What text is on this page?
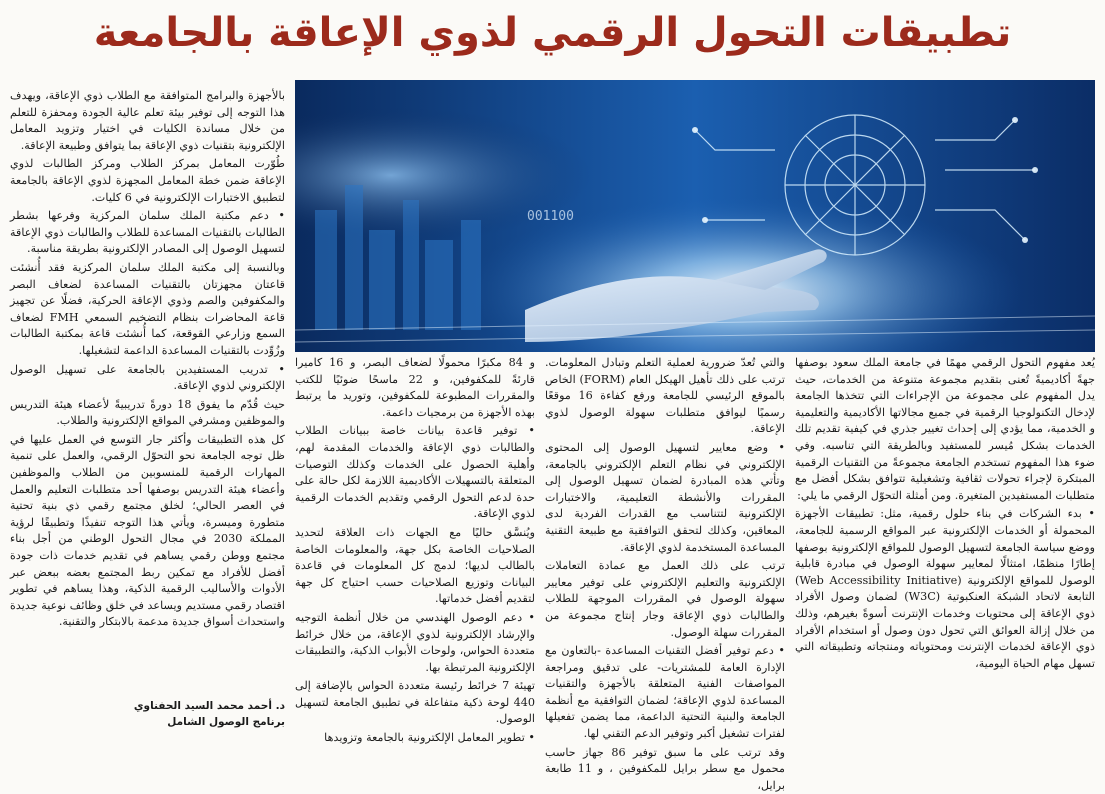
تطبيقات التحول الرقمي لذوي الإعاقة بالجامعة
001100

يُعد مفهوم التحول الرقمي مهمًا في جامعة الملك سعود بوصفها جهةً أكاديميةً تُعنى بتقديم مجموعة متنوعة من الخدمات، حيث يدل المفهوم على مجموعة من الإجراءات التي تتخذها الجامعة لإدخال التكنولوجيا الرقمية في جميع مجالاتها الأكاديمية والتعليمية و الخدمية، مما يؤدي إلى إحداث تغيير جذري في كيفية تقديم تلك الخدمات بشكل مُيسر للمستفيد وبالطريقة التي تناسبه. وفي ضوء هذا المفهوم تستخدم الجامعة مجموعةً من التقنيات الرقمية المبتكرة لإجراء تحولات ثقافية وتشغيلية تتوافق بشكل أفضل مع متطلبات المستفيدين المتغيرة. ومن أمثلة التحوّل الرقمي ما يلي:

• بدء الشركات في بناء حلول رقمية، مثل: تطبيقات الأجهزة المحمولة أو الخدمات الإلكترونية عبر المواقع الرسمية للجامعة، ووضع سياسة الجامعة لتسهيل الوصول للمواقع الإلكترونية بوصفها إطارًا منظمًا، امتثالًا لمعايير سهولة الوصول في مبادرة قابلية الوصول للمواقع الإلكترونية (Web Accessibility Initiative) التابعة لاتحاد الشبكة العنكبوتية (W3C) لضمان وصول الأفراد ذوي الإعاقة إلى محتويات وخدمات الإنترنت أسوةً بغيرهم، وذلك من خلال إزالة العوائق التي تحول دون وصول أو استخدام الأفراد ذوي الإعاقة لخدمات الإنترنت ومحتوياته ومنتجاته وتطبيقاته التي تسهل مهام الحياة اليومية،

والتي تُعدّ ضرورية لعملية التعلم وتبادل المعلومات. ترتب على ذلك تأهيل الهيكل العام (FORM) الخاص بالموقع الرئيسي للجامعة ورفع كفاءة 16 موقعًا رسميًا ليوافق متطلبات سهولة الوصول لذوي الإعاقة.

• وضع معايير لتسهيل الوصول إلى المحتوى الإلكتروني في نظام التعلم الإلكتروني بالجامعة، وتأتي هذه المبادرة لضمان تسهيل الوصول إلى المقررات والأنشطة التعليمية، والاختبارات الإلكترونية لتتناسب مع القدرات الفردية لدى المعاقين، وكذلك لتحقق التوافقية مع طبيعة التقنية المساعدة المستخدمة لذوي الإعاقة.

ترتب على ذلك العمل مع عمادة التعاملات الإلكترونية والتعليم الإلكتروني على توفير معايير سهولة الوصول في المقررات الموجهة للطلاب والطالبات ذوي الإعاقة وجار إنتاج مجموعة من المقررات سهلة الوصول.

• دعم توفير أفضل التقنيات المساعدة -بالتعاون مع الإدارة العامة للمشتريات- على تدقيق ومراجعة المواصفات الفنية المتعلقة بالأجهزة والتقنيات المساعدة لذوي الإعاقة؛ لضمان التوافقية مع أنظمة الجامعة والبنية التحتية الداعمة، مما يضمن تفعيلها لفترات تشغيل أكبر وتوفير الدعم التقني لها.

وقد ترتب على ما سبق توفير 86 جهاز حاسب محمول مع سطر برايل للمكفوفين ، و 11 طابعة برايل،

و 84 مكبرًا محمولًا لضعاف البصر، و 16 كاميرا قارئةً للمكفوفين، و 22 ماسحًا ضوئيًا للكتب والمقررات المطبوعة للمكفوفين، وتوريد ما يرتبط بهذه الأجهزة من برمجيات داعمة.

• توفير قاعدة بيانات خاصة ببيانات الطلاب والطالبات ذوي الإعاقة والخدمات المقدمة لهم، وأهلية الحصول على الخدمات وكذلك التوصيات المتعلقة بالتسهيلات الأكاديمية اللازمة لكل حالة على حدة لدعم التحول الرقمي وتقديم الخدمات الرقمية لذوي الإعاقة.

ويُنسَّق حاليًا مع الجهات ذات العلاقة لتحديد الصلاحيات الخاصة بكل جهة، والمعلومات الخاصة بالطالب لديها؛ لدمج كل المعلومات في قاعدة البيانات وتوزيع الصلاحيات حسب احتياج كل جهة لتقديم أفضل خدماتها.

• دعم الوصول الهندسي من خلال أنظمة التوجيه والإرشاد الإلكترونية لذوي الإعاقة، من خلال خرائط متعددة الحواس، ولوحات الأبواب الذكية، والتطبيقات الإلكترونية المرتبطة بها.

تهيئة 7 خرائط رئيسة متعددة الحواس بالإضافة إلى 440 لوحة ذكية متفاعلة في تطبيق الجامعة لتسهيل الوصول.

• تطوير المعامل الإلكترونية بالجامعة وتزويدها

بالأجهزة والبرامج المتوافقة مع الطلاب ذوي الإعاقة، ويهدف هذا التوجه إلى توفير بيئة تعلم عالية الجودة ومحفزة للتعلم من خلال مساندة الكليات في اختيار وتزويد المعامل الإلكترونية بتقنيات ذوي الإعاقة بما يتوافق وطبيعة الإعاقة.

طُوّرت المعامل بمركز الطلاب ومركز الطالبات لذوي الإعاقة ضمن خطة المعامل المجهزة لذوي الإعاقة بالجامعة لتطبيق الاختبارات الإلكترونية في 6 كليات.

• دعم مكتبة الملك سلمان المركزية وفرعها بشطر الطالبات بالتقنيات المساعدة للطلاب والطالبات ذوي الإعاقة لتسهيل الوصول إلى المصادر الإلكترونية بطريقة مناسبة.

وبالنسبة إلى مكتبة الملك سلمان المركزية فقد أُنشئت قاعتان مجهزتان بالتقنيات المساعدة لضعاف البصر والمكفوفين والصم وذوي الإعاقة الحركية، فضلًا عن تجهيز قاعة المحاضرات بنظام التضخيم السمعي FMH لضعاف السمع وزارعي القوقعة، كما أُنشئت قاعة بمكتبة الطالبات وزُوِّدت بالتقنيات المساعدة الداعمة لتشغيلها.

• تدريب المستفيدين بالجامعة على تسهيل الوصول الإلكتروني لذوي الإعاقة.

حيث قُدّم ما يفوق 18 دورةً تدريبيةً لأعضاء هيئة التدريس والموظفين ومشرفي المواقع الإلكترونية والطلاب.

كل هذه التطبيقات وأكثر جار التوسع في العمل عليها في ظل توجه الجامعة نحو التحوّل الرقمي، والعمل على تنمية المهارات الرقمية للمنسوبين من الطلاب والموظفين وأعضاء هيئة التدريس بوصفها أحد متطلبات التعليم والعمل في العصر الحالي؛ لخلق مجتمع رقمي ذي بنية تحتية متطورة وميسرة، ويأتي هذا التوجه تنفيذًا وتطبيقًا لرؤية المملكة 2030 في مجال التحول الوطني من أجل بناء مجتمع ووطن رقمي يساهم في تقديم خدمات ذات جودة أفضل للأفراد مع تمكين ربط المجتمع بعضه ببعض عبر الأدوات والأساليب الرقمية الذكية، وهذا يساهم في تطوير اقتصاد رقمي مستديم ويساعد في خلق وظائف نوعية جديدة واستحداث أسواق جديدة مدعمة بالابتكار والتقنية.

د. أحمد محمد السيد الحفناوي
برنامج الوصول الشامل
